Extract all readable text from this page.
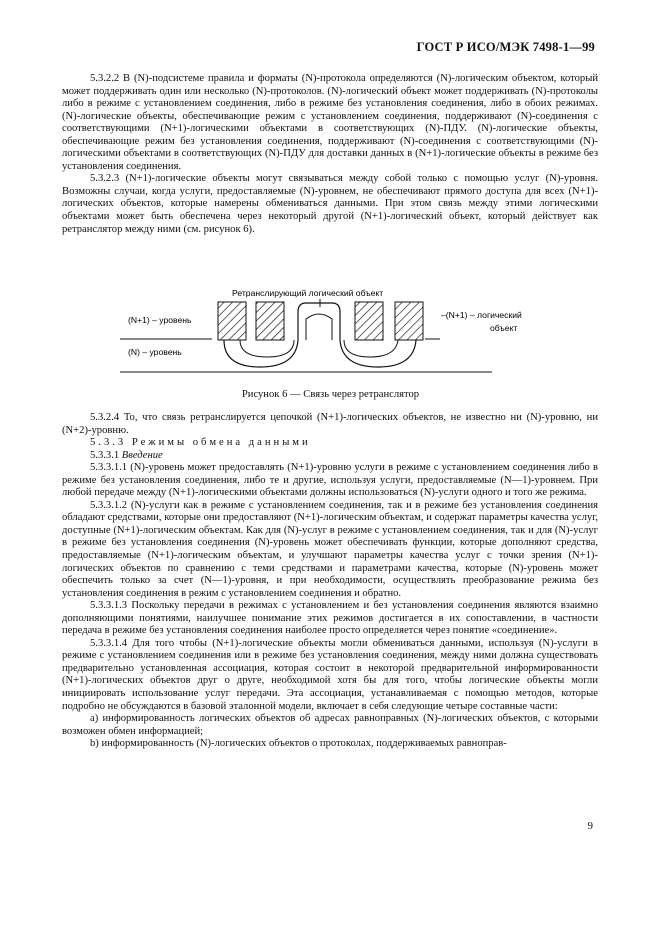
ГОСТ Р ИСО/МЭК 7498-1—99

5.3.2.2 В (N)-подсистеме правила и форматы (N)-протокола определяются (N)-логическим объектом, который может поддерживать один или несколько (N)-протоколов. (N)-логический объект может поддерживать (N)-протоколы либо в режиме с установлением соединения, либо в режиме без установления соединения, либо в обоих режимах. (N)-логические объекты, обеспечивающие режим с установлением соединения, поддерживают (N)-соединения с соответствующими (N+1)-логическими объектами в соответствующих (N)-ПДУ. (N)-логические объекты, обеспечивающие режим без установления соединения, поддерживают (N)-соединения с соответствующими (N)-логическими объектами в соответствующих (N)-ПДУ для доставки данных в (N+1)-логические объекты в режиме без установления соединения.

5.3.2.3 (N+1)-логические объекты могут связываться между собой только с помощью услуг (N)-уровня. Возможны случаи, когда услуги, предоставляемые (N)-уровнем, не обеспечивают прямого доступа для всех (N+1)-логических объектов, которые намерены обмениваться данными. При этом связь между этими логическими объектами может быть обеспечена через некоторый другой (N+1)-логический объект, который действует как ретранслятор между ними (см. рисунок 6).

Ретранслирующий логический объект
(N+1) – уровень
(N) – уровень
–(N+1) – логический
объект
Рисунок 6 — Связь через ретранслятор

5.3.2.4 То, что связь ретранслируется цепочкой (N+1)-логических объектов, не известно ни (N)-уровню, ни (N+2)-уровню.

5.3.3 Режимы обмена данными

5.3.3.1 Введение

5.3.3.1.1 (N)-уровень может предоставлять (N+1)-уровню услуги в режиме с установлением соединения либо в режиме без установления соединения, либо те и другие, используя услуги, предоставляемые (N—1)-уровнем. При любой передаче между (N+1)-логическими объектами должны использоваться (N)-услуги одного и того же режима.

5.3.3.1.2 (N)-услуги как в режиме с установлением соединения, так и в режиме без установления соединения обладают средствами, которые они предоставляют (N+1)-логическим объектам, и содержат параметры качества услуг, доступные (N+1)-логическим объектам. Как для (N)-услуг в режиме с установлением соединения, так и для (N)-услуг в режиме без установления соединения (N)-уровень может обеспечивать функции, которые дополняют средства, предоставляемые (N+1)-логическим объектам, и улучшают параметры качества услуг с точки зрения (N+1)-логических объектов по сравнению с теми средствами и параметрами качества, которые (N)-уровень может обеспечить только за счет (N—1)-уровня, и при необходимости, осуществлять преобразование режима без установления соединения в режим с установлением соединения и обратно.

5.3.3.1.3 Поскольку передачи в режимах с установлением и без установления соединения являются взаимно дополняющими понятиями, наилучшее понимание этих режимов достигается в их сопоставлении, в частности передача в режиме без установления соединения наиболее просто определяется через понятие «соединение».

5.3.3.1.4 Для того чтобы (N+1)-логические объекты могли обмениваться данными, используя (N)-услуги в режиме с установлением соединения или в режиме без установления соединения, между ними должна существовать предварительно установленная ассоциация, которая состоит в некоторой предварительной информированности (N+1)-логических объектов друг о друге, необходимой хотя бы для того, чтобы логические объекты могли инициировать использование услуг передачи. Эта ассоциация, устанавливаемая с помощью методов, которые подробно не обсуждаются в базовой эталонной модели, включает в себя следующие четыре составные части:

а) информированность логических объектов об адресах равноправных (N)-логических объектов, с которыми возможен обмен информацией;

b) информированность (N)-логических объектов о протоколах, поддерживаемых равноправ-

9
